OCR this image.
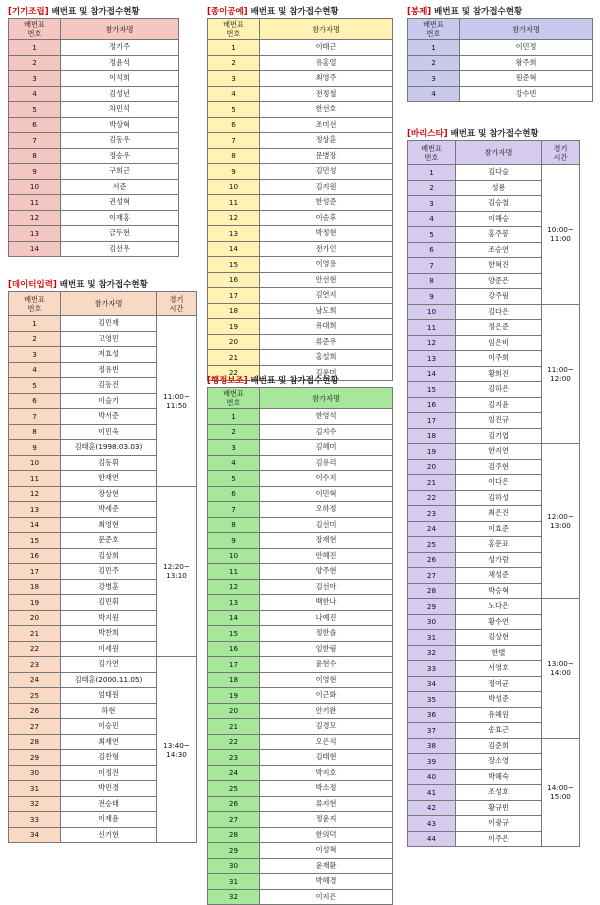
[기기조립] 배번표 및 참가접수현황
배번표
번호	참가자명
1	정기주
2	정윤석
3	이석희
4	김성년
5	차민석
6	박상혁
7	김동우
8	정승우
9	구희근
10	서준
11	권성혁
12	이재홍
13	금두현
14	김선우
[데이터입력] 배번표 및 참가접수현황
배번표
번호	참가자명	경기
시간
1	김민재	11:00~
11:50
2	고영민	
3	저효성	
4	정유빈	
5	김동진	
6	이슬기	
7	박서준	
8	이민욱	
9	김태훈(1998.03.03)	
10	김동휘	
11	한재연	
12	장상현	12:20~
13:10
13	박세준	
14	최영현	
15	문준호	
16	김상희	
17	김민주	
18	강병훈	
19	김민휘	
20	박지원	
21	박찬희	
22	이세원	
23	김가연	13:40~
14:30
24	김태훈(2000.11.05)	
25	엄태원	
26	하현	
27	이승민	
28	최재연	
29	김찬형	
30	이정진	
31	박민경	
32	전승태	
33	이재윤	
34	신기현	
[종이공예] 배번표 및 참가접수현황
배번표
번호	참가자명
1	이태근
2	유홍열
3	최영주
4	전정철
5	한선호
6	조미선
7	정상훈
8	문병장
9	김민성
10	김지원
11	한성준
12	이승후
13	박정현
14	전가인
15	이영용
16	안선현
17	김연지
18	남도희
19	유대희
20	류준우
21	홍설희
22	김윤미
[행정보조] 배번표 및 참가접수현황
배번표
번호	참가자명
1	한영석
2	김지수
3	김혜미
4	김유리
5	이수지
6	이민혁
7	오하정
8	김선미
9	장재현
10	안혜진
11	양주현
12	김선아
13	백한나
14	나예진
15	정한솔
16	임한림
17	윤현수
18	이영현
19	이근화
20	안기완
21	김경모
22	오은석
23	김태현
24	박지호
25	박소정
26	류지현
27	정윤지
28	한의덕
29	이성혁
30	윤재환
31	박혜경
32	이지은
[봉제] 배번표 및 참가접수현황
배번표
번호	참가자명
1	이민정
2	왕주희
3	원준혁
4	강수빈
[바리스타] 배번표 및 참가접수현황
배번표
번호	참가자명	경기
시간
1	김다슬	10:00~
11:00
2	성룡	
3	김승철	
4	이해승	
5	홍주봉	
6	조승연	
7	한혁진	
8	양준은	
9	강주림	
10	김다은	11:00~
12:00
11	정은준	
12	임은비	
13	이주희	
14	황희진	
15	김하은	
16	김지윤	
17	임진규	
18	김기엽	
19	한지연	12:00~
13:00
20	김주현	
21	이다은	
22	김하성	
23	최은진	
24	이효준	
25	홍문표	
26	성가람	
27	채성준	
28	박승혁	
29	노다은	13:00~
14:00
30	황수연	
31	김상현	
32	한별	
33	서영호	
34	정여균	
35	박성준	
36	유혜원	
37	송효근	
38	김준희	14:00~
15:00
39	장소영	
40	박혜숙	
41	조성호	
42	황규빈	
43	이광규	
44	이주은	
